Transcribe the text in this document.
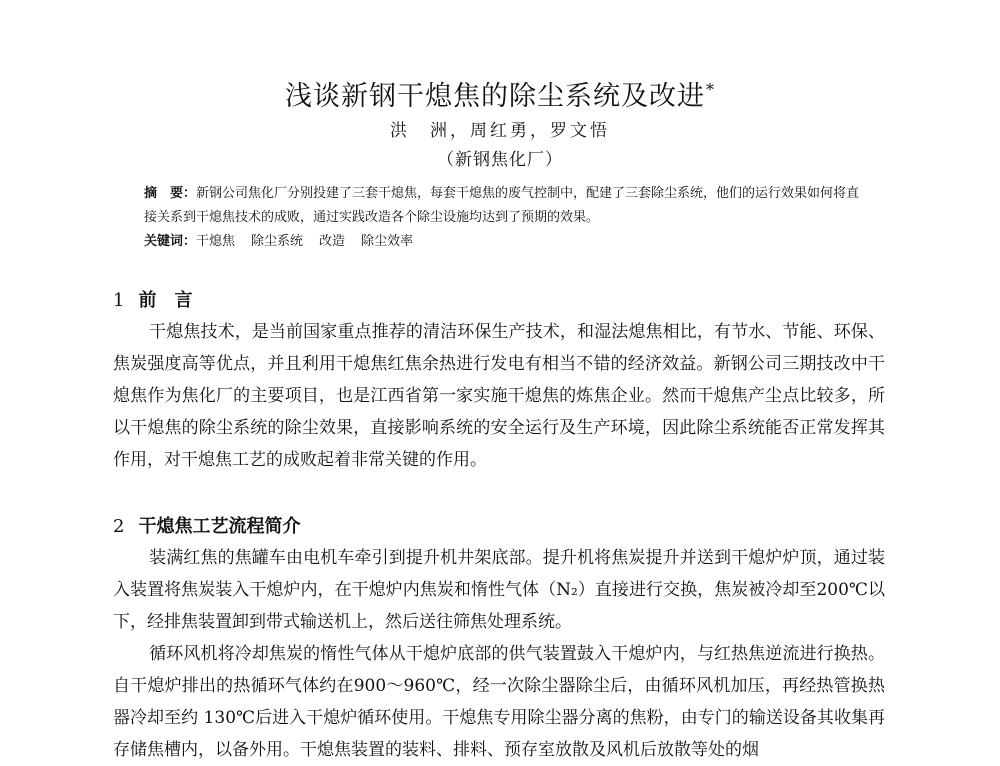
浅谈新钢干熄焦的除尘系统及改进*
洪　洲，周红勇，罗文悟
（新钢焦化厂）

摘　要：新钢公司焦化厂分别投建了三套干熄焦，每套干熄焦的废气控制中，配建了三套除尘系统，他们的运行效果如何将直接关系到干熄焦技术的成败，通过实践改造各个除尘设施均达到了预期的效果。

关键词：干熄焦 除尘系统 改造 除尘效率

1 前　言

干熄焦技术，是当前国家重点推荐的清洁环保生产技术，和湿法熄焦相比，有节水、节能、环保、焦炭强度高等优点，并且利用干熄焦红焦余热进行发电有相当不错的经济效益。新钢公司三期技改中干熄焦作为焦化厂的主要项目，也是江西省第一家实施干熄焦的炼焦企业。然而干熄焦产尘点比较多，所以干熄焦的除尘系统的除尘效果，直接影响系统的安全运行及生产环境，因此除尘系统能否正常发挥其作用，对干熄焦工艺的成败起着非常关键的作用。

2 干熄焦工艺流程简介

装满红焦的焦罐车由电机车牵引到提升机井架底部。提升机将焦炭提升并送到干熄炉炉顶，通过装入装置将焦炭装入干熄炉内，在干熄炉内焦炭和惰性气体（N₂）直接进行交换，焦炭被冷却至200℃以下，经排焦装置卸到带式输送机上，然后送往筛焦处理系统。

循环风机将冷却焦炭的惰性气体从干熄炉底部的供气装置鼓入干熄炉内，与红热焦逆流进行换热。自干熄炉排出的热循环气体约在900～960℃，经一次除尘器除尘后，由循环风机加压，再经热管换热器冷却至约 130℃后进入干熄炉循环使用。干熄焦专用除尘器分离的焦粉，由专门的输送设备其收集再存储焦槽内，以备外用。干熄焦装置的装料、排料、预存室放散及风机后放散等处的烟
